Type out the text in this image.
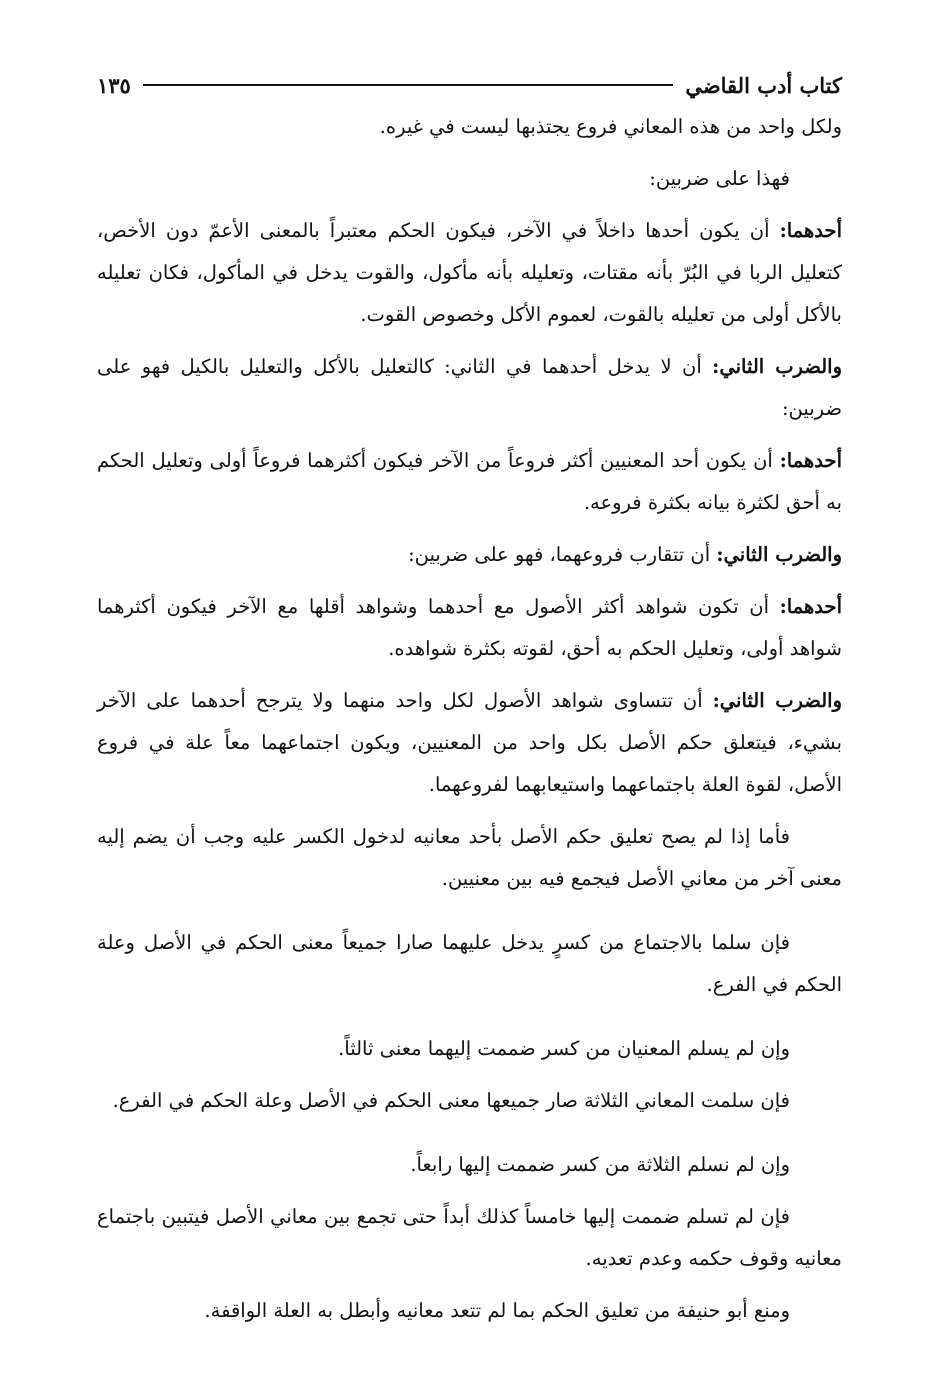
كتاب أدب القاضي
١٣٥

ولكل واحد من هذه المعاني فروع يجتذبها ليست في غيره.

فهذا على ضربين:

أحدهما: أن يكون أحدها داخلاً في الآخر، فيكون الحكم معتبراً بالمعنى الأعمّ دون الأخص، كتعليل الربا في البُرّ بأنه مقتات، وتعليله بأنه مأكول، والقوت يدخل في المأكول، فكان تعليله بالأكل أولى من تعليله بالقوت، لعموم الأكل وخصوص القوت.

والضرب الثاني: أن لا يدخل أحدهما في الثاني: كالتعليل بالأكل والتعليل بالكيل فهو على ضربين:

أحدهما: أن يكون أحد المعنيين أكثر فروعاً من الآخر فيكون أكثرهما فروعاً أولى وتعليل الحكم به أحق لكثرة بيانه بكثرة فروعه.

والضرب الثاني: أن تتقارب فروعهما، فهو على ضربين:

أحدهما: أن تكون شواهد أكثر الأصول مع أحدهما وشواهد أقلها مع الآخر فيكون أكثرهما شواهد أولى، وتعليل الحكم به أحق، لقوته بكثرة شواهده.

والضرب الثاني: أن تتساوى شواهد الأصول لكل واحد منهما ولا يترجح أحدهما على الآخر بشيء، فيتعلق حكم الأصل بكل واحد من المعنيين، ويكون اجتماعهما معاً علة في فروع الأصل، لقوة العلة باجتماعهما واستيعابهما لفروعهما.

فأما إذا لم يصح تعليق حكم الأصل بأحد معانيه لدخول الكسر عليه وجب أن يضم إليه معنى آخر من معاني الأصل فيجمع فيه بين معنيين.

فإن سلما بالاجتماع من كسرٍ يدخل عليهما صارا جميعاً معنى الحكم في الأصل وعلة الحكم في الفرع.

وإن لم يسلم المعنيان من كسر ضممت إليهما معنى ثالثاً.

فإن سلمت المعاني الثلاثة صار جميعها معنى الحكم في الأصل وعلة الحكم في الفرع.

وإن لم نسلم الثلاثة من كسر ضممت إليها رابعاً.

فإن لم تسلم ضممت إليها خامساً كذلك أبداً حتى تجمع بين معاني الأصل فيتبين باجتماع معانيه وقوف حكمه وعدم تعديه.

ومنع أبو حنيفة من تعليق الحكم بما لم تتعد معانيه وأبطل به العلة الواقفة.
